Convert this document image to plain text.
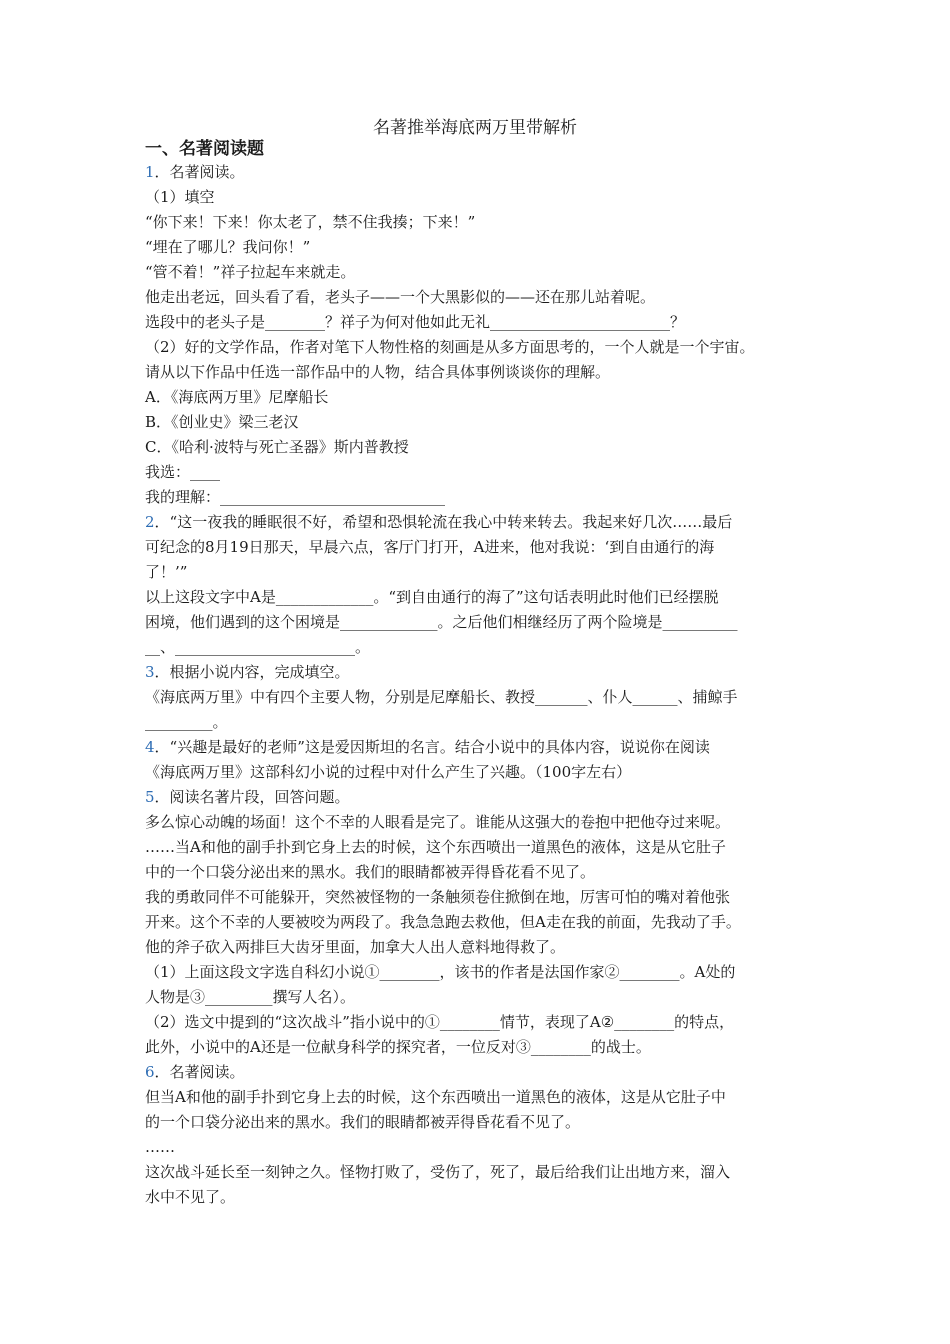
名著推举海底两万里带解析
一、名著阅读题
1．名著阅读。
（1）填空
“你下来！下来！你太老了，禁不住我揍；下来！”
“埋在了哪儿？我问你！”
“管不着！”祥子拉起车来就走。
他走出老远，回头看了看，老头子——一个大黑影似的——还在那儿站着呢。
选段中的老头子是________？祥子为何对他如此无礼________________________？
（2）好的文学作品，作者对笔下人物性格的刻画是从多方面思考的，一个人就是一个宇宙。
请从以下作品中任选一部作品中的人物，结合具体事例谈谈你的理解。
A．《海底两万里》尼摩船长
B．《创业史》梁三老汉
C．《哈利·波特与死亡圣器》斯内普教授
我选：____
我的理解：______________________________
2．“这一夜我的睡眠很不好，希望和恐惧轮流在我心中转来转去。我起来好几次……最后
可纪念的8月19日那天，早晨六点，客厅门打开，A进来，他对我说：‘到自由通行的海
了！’”
以上这段文字中A是_____________。“到自由通行的海了”这句话表明此时他们已经摆脱
困境，他们遇到的这个困境是_____________。之后他们相继经历了两个险境是__________
__、________________________。
3．根据小说内容，完成填空。
《海底两万里》中有四个主要人物，分别是尼摩船长、教授_______、仆人______、捕鲸手
_________。
4．“兴趣是最好的老师”这是爱因斯坦的名言。结合小说中的具体内容，说说你在阅读
《海底两万里》这部科幻小说的过程中对什么产生了兴趣。（100字左右）
5．阅读名著片段，回答问题。
多么惊心动魄的场面！这个不幸的人眼看是完了。谁能从这强大的卷抱中把他夺过来呢。
……当A和他的副手扑到它身上去的时候，这个东西喷出一道黑色的液体，这是从它肚子
中的一个口袋分泌出来的黑水。我们的眼睛都被弄得昏花看不见了。
我的勇敢同伴不可能躲开，突然被怪物的一条触须卷住掀倒在地，厉害可怕的嘴对着他张
开来。这个不幸的人要被咬为两段了。我急急跑去救他，但A走在我的前面，先我动了手。
他的斧子砍入两排巨大齿牙里面，加拿大人出人意料地得救了。
（1）上面这段文字选自科幻小说①________，该书的作者是法国作家②________。A处的
人物是③_________撰写人名）。
（2）选文中提到的“这次战斗”指小说中的①________情节，表现了A②________的特点，
此外，小说中的A还是一位献身科学的探究者，一位反对③________的战士。
6．名著阅读。
但当A和他的副手扑到它身上去的时候，这个东西喷出一道黑色的液体，这是从它肚子中
的一个口袋分泌出来的黑水。我们的眼睛都被弄得昏花看不见了。
……
这次战斗延长至一刻钟之久。怪物打败了，受伤了，死了，最后给我们让出地方来，溜入
水中不见了。
